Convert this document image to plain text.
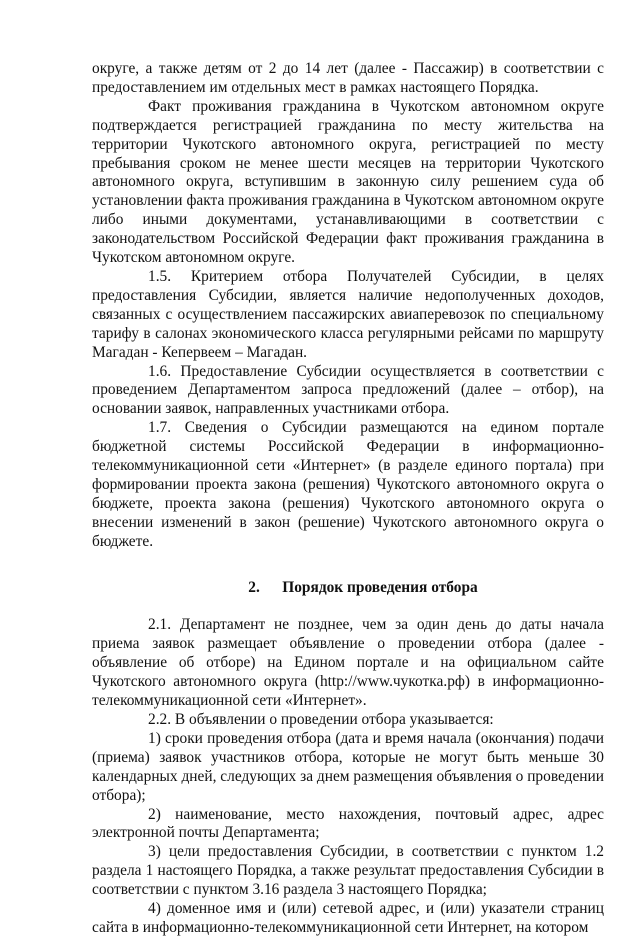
округе, а также детям от 2 до 14 лет (далее - Пассажир) в соответствии с предоставлением им отдельных мест в рамках настоящего Порядка.

Факт проживания гражданина в Чукотском автономном округе подтверждается регистрацией гражданина по месту жительства на территории Чукотского автономного округа, регистрацией по месту пребывания сроком не менее шести месяцев на территории Чукотского автономного округа, вступившим в законную силу решением суда об установлении факта проживания гражданина в Чукотском автономном округе либо иными документами, устанавливающими в соответствии с законодательством Российской Федерации факт проживания гражданина в Чукотском автономном округе.

1.5. Критерием отбора Получателей Субсидии, в целях предоставления Субсидии, является наличие недополученных доходов, связанных с осуществлением пассажирских авиаперевозок по специальному тарифу в салонах экономического класса регулярными рейсами по маршруту Магадан - Кепервеем – Магадан.

1.6. Предоставление Субсидии осуществляется в соответствии с проведением Департаментом запроса предложений (далее – отбор), на основании заявок, направленных участниками отбора.

1.7. Сведения о Субсидии размещаются на едином портале бюджетной системы Российской Федерации в информационно-телекоммуникационной сети «Интернет» (в разделе единого портала) при формировании проекта закона (решения) Чукотского автономного округа о бюджете, проекта закона (решения) Чукотского автономного округа о внесении изменений в закон (решение) Чукотского автономного округа о бюджете.

2. Порядок проведения отбора

2.1. Департамент не позднее, чем за один день до даты начала приема заявок размещает объявление о проведении отбора (далее - объявление об отборе) на Едином портале и на официальном сайте Чукотского автономного округа (http://www.чукотка.рф) в информационно-телекоммуникационной сети «Интернет».

2.2. В объявлении о проведении отбора указывается:

1) сроки проведения отбора (дата и время начала (окончания) подачи (приема) заявок участников отбора, которые не могут быть меньше 30 календарных дней, следующих за днем размещения объявления о проведении отбора);

2) наименование, место нахождения, почтовый адрес, адрес электронной почты Департамента;

3) цели предоставления Субсидии, в соответствии с пунктом 1.2 раздела 1 настоящего Порядка, а также результат предоставления Субсидии в соответствии с пунктом 3.16 раздела 3 настоящего Порядка;

4) доменное имя и (или) сетевой адрес, и (или) указатели страниц сайта в информационно-телекоммуникационной сети Интернет, на котором
